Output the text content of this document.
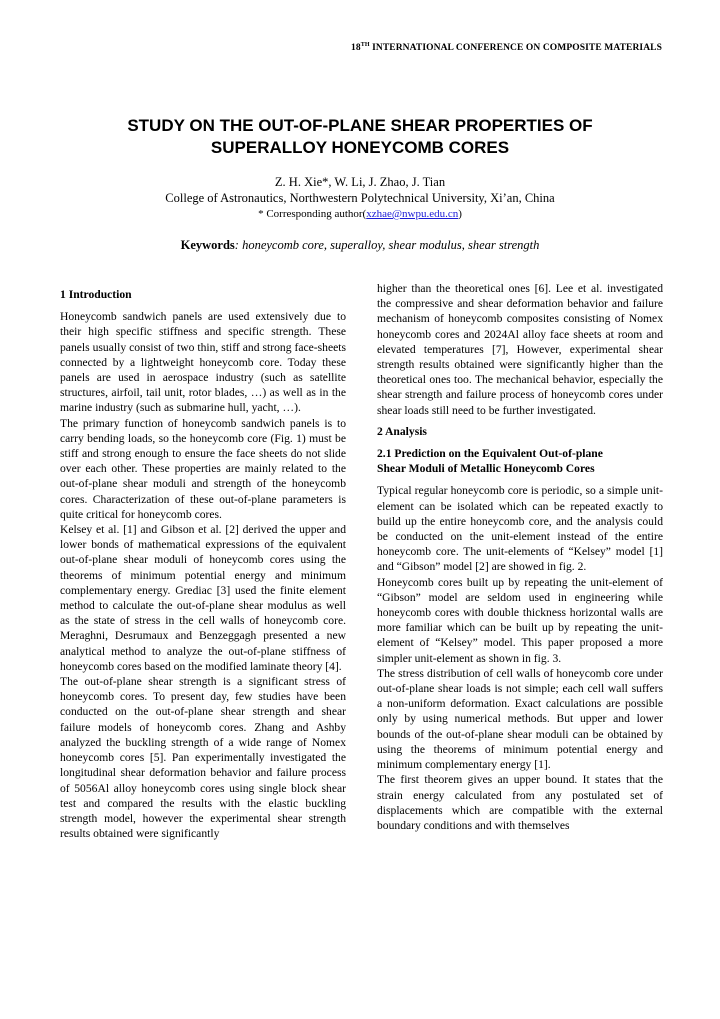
18TH INTERNATIONAL CONFERENCE ON COMPOSITE MATERIALS
STUDY ON THE OUT-OF-PLANE SHEAR PROPERTIES OF
SUPERALLOY HONEYCOMB CORES
Z. H. Xie*, W. Li, J. Zhao, J. Tian
College of Astronautics, Northwestern Polytechnical University, Xi’an, China
* Corresponding author(xzhae@nwpu.edu.cn)
Keywords: honeycomb core, superalloy, shear modulus, shear strength
1 Introduction

Honeycomb sandwich panels are used extensively due to their high specific stiffness and specific strength. These panels usually consist of two thin, stiff and strong face-sheets connected by a lightweight honeycomb core. Today these panels are used in aerospace industry (such as satellite structures, airfoil, tail unit, rotor blades, …) as well as in the marine industry (such as submarine hull, yacht, …).

The primary function of honeycomb sandwich panels is to carry bending loads, so the honeycomb core (Fig. 1) must be stiff and strong enough to ensure the face sheets do not slide over each other. These properties are mainly related to the out-of-plane shear moduli and strength of the honeycomb cores. Characterization of these out-of-plane parameters is quite critical for honeycomb cores.

Kelsey et al. [1] and Gibson et al. [2] derived the upper and lower bonds of mathematical expressions of the equivalent out-of-plane shear moduli of honeycomb cores using the theorems of minimum potential energy and minimum complementary energy. Grediac [3] used the finite element method to calculate the out-of-plane shear modulus as well as the state of stress in the cell walls of honeycomb core. Meraghni, Desrumaux and Benzeggagh presented a new analytical method to analyze the out-of-plane stiffness of honeycomb cores based on the modified laminate theory [4].

The out-of-plane shear strength is a significant stress of honeycomb cores. To present day, few studies have been conducted on the out-of-plane shear strength and shear failure models of honeycomb cores. Zhang and Ashby analyzed the buckling strength of a wide range of Nomex honeycomb cores [5]. Pan experimentally investigated the longitudinal shear deformation behavior and failure process of 5056Al alloy honeycomb cores using single block shear test and compared the results with the elastic buckling strength model, however the experimental shear strength results obtained were significantly

higher than the theoretical ones [6]. Lee et al. investigated the compressive and shear deformation behavior and failure mechanism of honeycomb composites consisting of Nomex honeycomb cores and 2024Al alloy face sheets at room and elevated temperatures [7], However, experimental shear strength results obtained were significantly higher than the theoretical ones too. The mechanical behavior, especially the shear strength and failure process of honeycomb cores under shear loads still need to be further investigated.

2 Analysis
2.1 Prediction on the Equivalent Out-of-plane
Shear Moduli of Metallic Honeycomb Cores

Typical regular honeycomb core is periodic, so a simple unit-element can be isolated which can be repeated exactly to build up the entire honeycomb core, and the analysis could be conducted on the unit-element instead of the entire honeycomb core. The unit-elements of “Kelsey” model [1] and “Gibson” model [2] are showed in fig. 2.

Honeycomb cores built up by repeating the unit-element of “Gibson” model are seldom used in engineering while honeycomb cores with double thickness horizontal walls are more familiar which can be built up by repeating the unit-element of “Kelsey” model. This paper proposed a more simpler unit-element as shown in fig. 3.

The stress distribution of cell walls of honeycomb core under out-of-plane shear loads is not simple; each cell wall suffers a non-uniform deformation. Exact calculations are possible only by using numerical methods. But upper and lower bounds of the out-of-plane shear moduli can be obtained by using the theorems of minimum potential energy and minimum complementary energy [1].

The first theorem gives an upper bound. It states that the strain energy calculated from any postulated set of displacements which are compatible with the external boundary conditions and with themselves
